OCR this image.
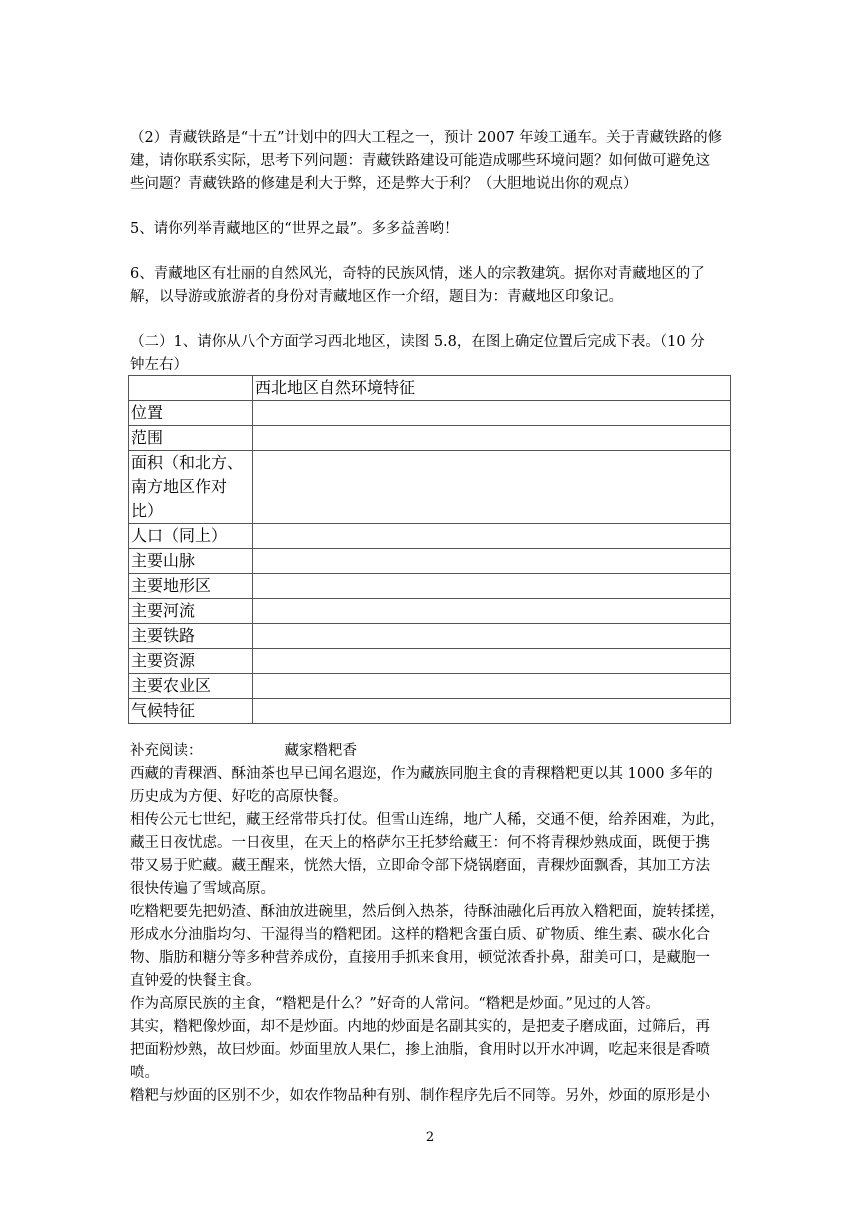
（2）青藏铁路是“十五”计划中的四大工程之一，预计 2007 年竣工通车。关于青藏铁路的修
建，请你联系实际，思考下列问题：青藏铁路建设可能造成哪些环境问题？如何做可避免这
些问题？青藏铁路的修建是利大于弊，还是弊大于利？（大胆地说出你的观点）
5、请你列举青藏地区的“世界之最”。多多益善哟！
6、青藏地区有壮丽的自然风光，奇特的民族风情，迷人的宗教建筑。据你对青藏地区的了
解，以导游或旅游者的身份对青藏地区作一介绍，题目为：青藏地区印象记。
（二）1、请你从八个方面学习西北地区，读图 5.8，在图上确定位置后完成下表。（10 分
钟左右）
	西北地区自然环境特征
位置	
范围	

面积（和北方、
南方地区作对
比）	

人口（同上）	
主要山脉	
主要地形区	
主要河流	
主要铁路	
主要资源	
主要农业区	
气候特征	
补充阅读：	藏家糌粑香
西藏的青稞酒、酥油茶也早已闻名遐迩，作为藏族同胞主食的青稞糌粑更以其 1000 多年的
历史成为方便、好吃的高原快餐。
相传公元七世纪，藏王经常带兵打仗。但雪山连绵，地广人稀，交通不便，给养困难，为此，
藏王日夜忧虑。一日夜里，在天上的格萨尔王托梦给藏王：何不将青稞炒熟成面，既便于携
带又易于贮藏。藏王醒来，恍然大悟，立即命令部下烧锅磨面，青稞炒面飘香，其加工方法
很快传遍了雪域高原。
吃糌粑要先把奶渣、酥油放进碗里，然后倒入热茶，待酥油融化后再放入糌粑面，旋转揉搓，
形成水分油脂均匀、干湿得当的糌粑团。这样的糌粑含蛋白质、矿物质、维生素、碳水化合
物、脂肪和糖分等多种营养成份，直接用手抓来食用，顿觉浓香扑鼻，甜美可口，是藏胞一
直钟爱的快餐主食。
作为高原民族的主食，“糌粑是什么？”好奇的人常问。“糌粑是炒面。”见过的人答。
其实，糌粑像炒面，却不是炒面。内地的炒面是名副其实的，是把麦子磨成面，过筛后，再
把面粉炒熟，故曰炒面。炒面里放人果仁，掺上油脂，食用时以开水冲调，吃起来很是香喷
喷。
糌粑与炒面的区别不少，如农作物品种有别、制作程序先后不同等。另外，炒面的原形是小
2
